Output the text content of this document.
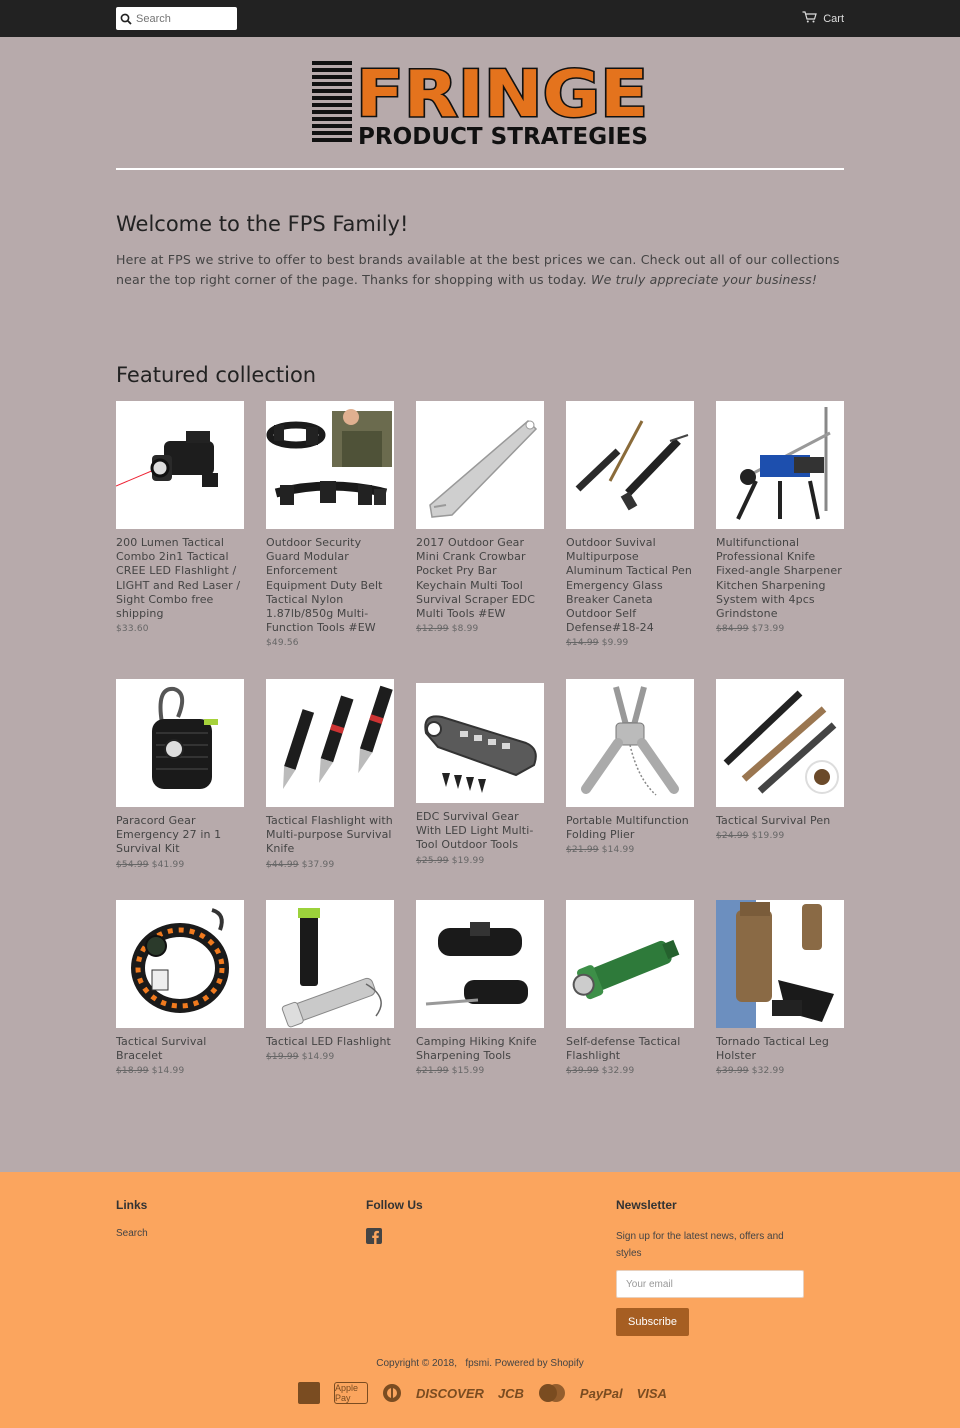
Search
Cart
FRINGE
PRODUCT STRATEGIES
Welcome to the FPS Family!

Here at FPS we strive to offer to best brands available at the best prices we can. Check out all of our collections near the top right corner of the page. Thanks for shopping with us today. We truly appreciate your business!

Featured collection
200 Lumen Tactical Combo 2in1 Tactical CREE LED Flashlight / LIGHT and Red Laser / Sight Combo free shipping
$33.60
Outdoor Security Guard Modular Enforcement Equipment Duty Belt Tactical Nylon 1.87lb/850g Multi-Function Tools #EW
$49.56
2017 Outdoor Gear Mini Crank Crowbar Pocket Pry Bar Keychain Multi Tool Survival Scraper EDC Multi Tools #EW
$12.99 $8.99
Outdoor Suvival Multipurpose Aluminum Tactical Pen Emergency Glass Breaker Caneta Outdoor Self Defense#18-24
$14.99 $9.99
Multifunctional Professional Knife Fixed-angle Sharpener Kitchen Sharpening System with 4pcs Grindstone
$84.99 $73.99
Paracord Gear Emergency 27 in 1 Survival Kit
$54.99 $41.99
Tactical Flashlight with Multi-purpose Survival Knife
$44.99 $37.99
EDC Survival Gear With LED Light Multi-Tool Outdoor Tools
$25.99 $19.99
Portable Multifunction Folding Plier
$21.99 $14.99
Tactical Survival Pen
$24.99 $19.99
Tactical Survival Bracelet
$18.99 $14.99
Tactical LED Flashlight
$19.99 $14.99
Camping Hiking Knife Sharpening Tools
$21.99 $15.99
Self-defense Tactical Flashlight
$39.99 $32.99
Tornado Tactical Leg Holster
$39.99 $32.99
Links
Search
Follow Us	Newsletter
Sign up for the latest news, offers and styles
Your email
Subscribe
Copyright © 2018, fpsmi. Powered by Shopify
Apple Pay	DISCOVER JCB	PayPal VISA
